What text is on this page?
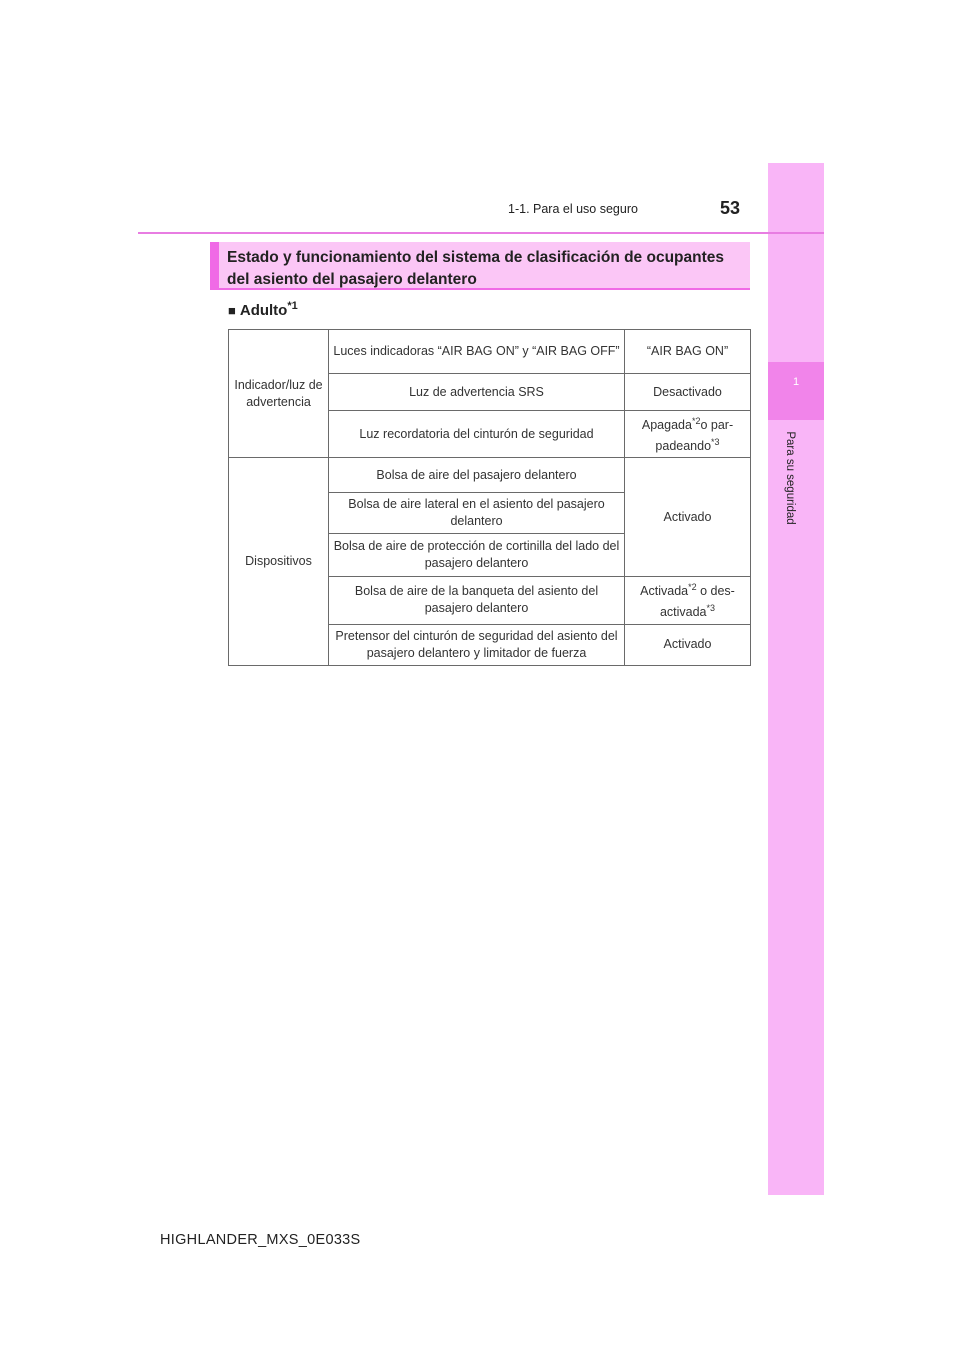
1
Para su seguridad
1-1. Para el uso seguro	53
Estado y funcionamiento del sistema de clasificación de ocupantes del asiento del pasajero delantero
■ Adulto$^{*1}$
Indicador/luz de advertencia	Luces indicadoras “AIR BAG ON” y “AIR BAG OFF”	“AIR BAG ON”
	Luz de advertencia SRS	Desactivado
	Luz recordatoria del cinturón de seguridad	Apagada$^{*2}$o par-padeando$^{*3}$
Dispositivos	Bolsa de aire del pasajero delantero	Activado
	Bolsa de aire lateral en el asiento del pasajero delantero	
	Bolsa de aire de protección de cortinilla del lado del pasajero delantero	
	Bolsa de aire de la banqueta del asiento del pasajero delantero	Activada$^{*2}$ o des-activada$^{*3}$
	Pretensor del cinturón de seguridad del asiento del pasajero delantero y limitador de fuerza	Activado
HIGHLANDER_MXS_0E033S
